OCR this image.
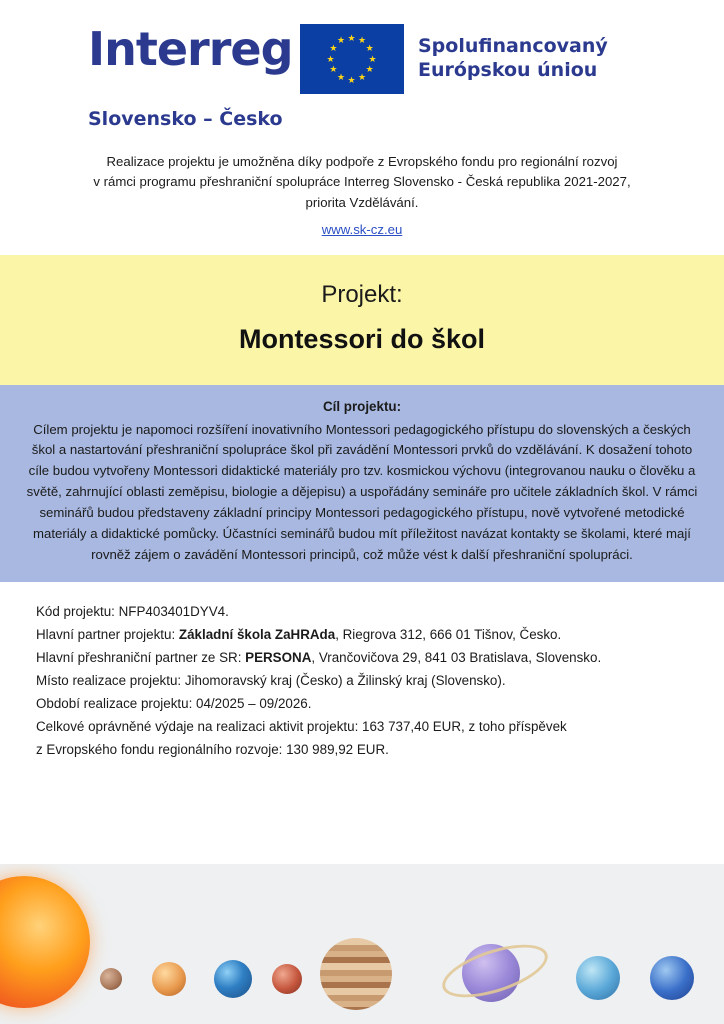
Interreg	★ ★
★
★
★
★
★
★
★
★
★
★	Spolufinancovaný
Európskou úniou
Slovensko – Česko
Realizace projektu je umožněna díky podpoře z Evropského fondu pro regionální rozvoj
v rámci programu přeshraniční spolupráce Interreg Slovensko - Česká republika 2021-2027,
priorita Vzdělávání.
www.sk-cz.eu
Projekt:
Montessori do škol
Cíl projektu:
Cílem projektu je napomoci rozšíření inovativního Montessori pedagogického přístupu do slovenských a českých škol a nastartování přeshraniční spolupráce škol při zavádění Montessori prvků do vzdělávání. K dosažení tohoto cíle budou vytvořeny Montessori didaktické materiály pro tzv. kosmickou výchovu (integrovanou nauku o člověku a světě, zahrnující oblasti zeměpisu, biologie a dějepisu) a uspořádány semináře pro učitele základních škol. V rámci seminářů budou představeny základní principy Montessori pedagogického přístupu, nově vytvořené metodické materiály a didaktické pomůcky. Účastníci seminářů budou mít příležitost navázat kontakty se školami, které mají rovněž zájem o zavádění Montessori principů, což může vést k další přeshraniční spolupráci.
Kód projektu: NFP403401DYV4.
Hlavní partner projektu: Základní škola ZaHRAda, Riegrova 312, 666 01 Tišnov, Česko.
Hlavní přeshraniční partner ze SR: PERSONA, Vrančovičova 29, 841 03 Bratislava, Slovensko.
Místo realizace projektu: Jihomoravský kraj (Česko) a Žilinský kraj (Slovensko).
Období realizace projektu: 04/2025 – 09/2026.
Celkové oprávněné výdaje na realizaci aktivit projektu: 163 737,40 EUR, z toho příspěvek
z Evropského fondu regionálního rozvoje: 130 989,92 EUR.
